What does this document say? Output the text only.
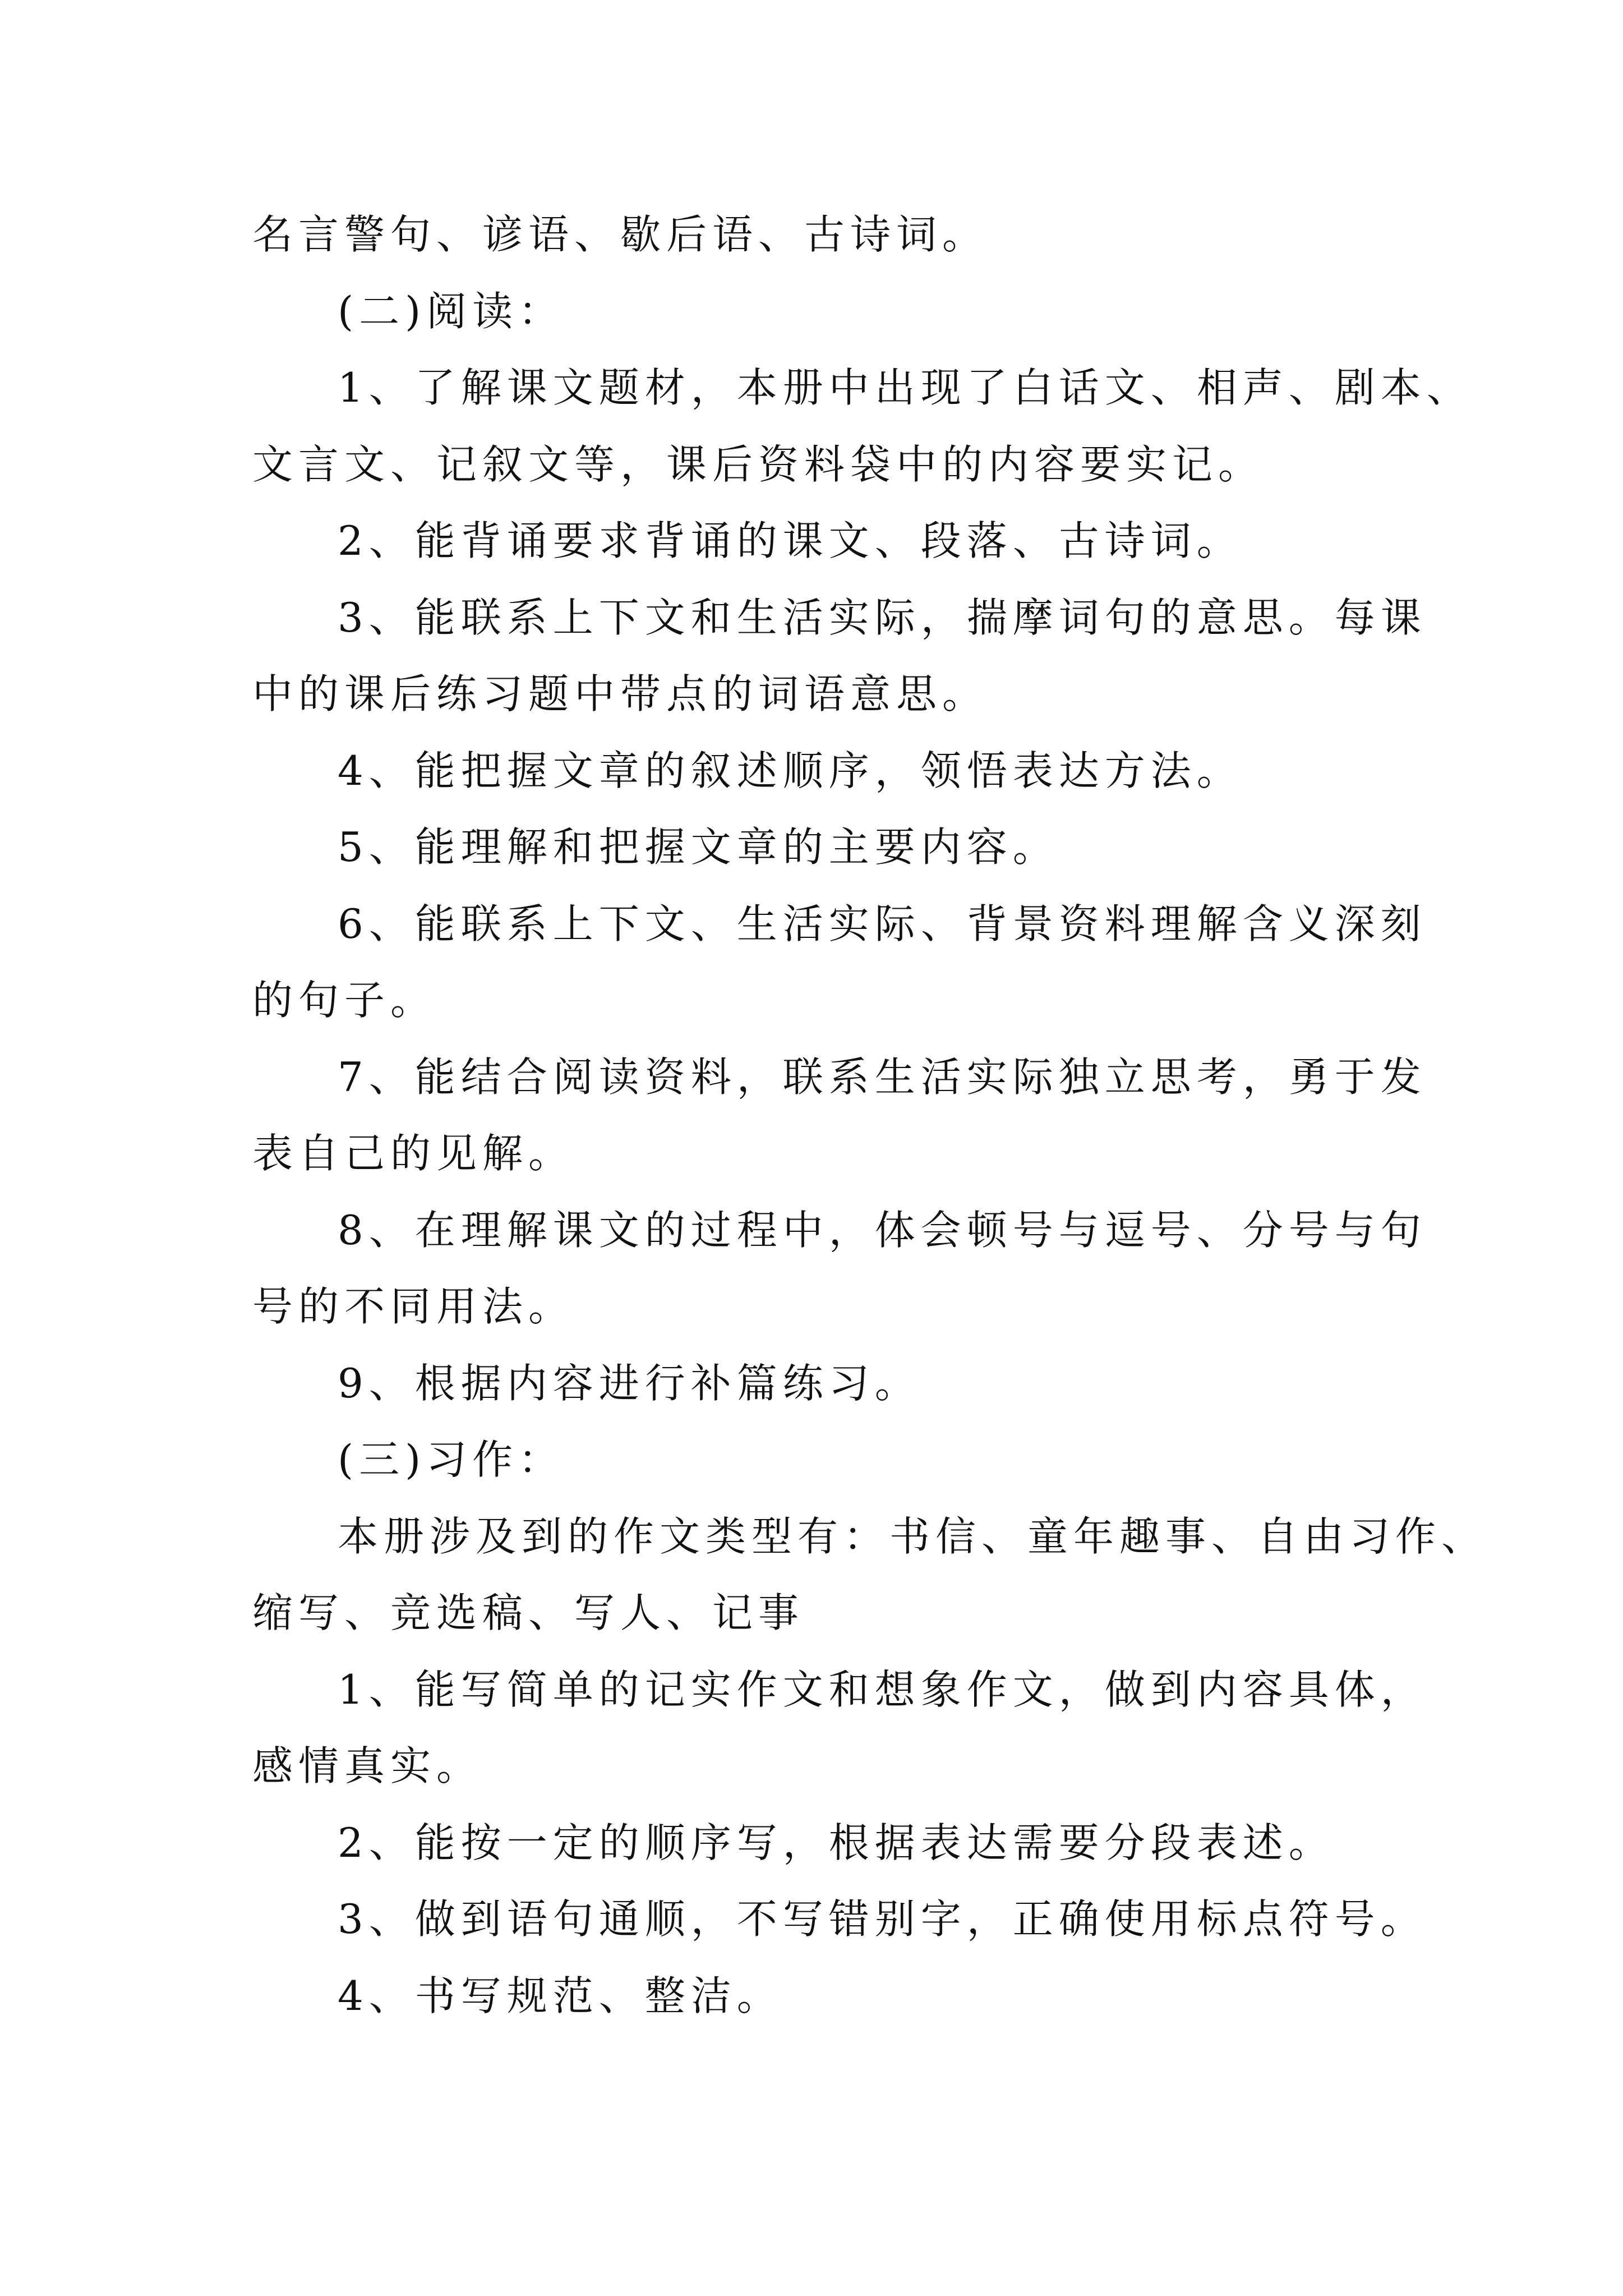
名言警句、谚语、歇后语、古诗词。

(二)阅读：

1、了解课文题材，本册中出现了白话文、相声、剧本、

文言文、记叙文等，课后资料袋中的内容要实记。

2、能背诵要求背诵的课文、段落、古诗词。

3、能联系上下文和生活实际，揣摩词句的意思。每课

中的课后练习题中带点的词语意思。

4、能把握文章的叙述顺序，领悟表达方法。

5、能理解和把握文章的主要内容。

6、能联系上下文、生活实际、背景资料理解含义深刻

的句子。

7、能结合阅读资料，联系生活实际独立思考，勇于发

表自己的见解。

8、在理解课文的过程中，体会顿号与逗号、分号与句

号的不同用法。

9、根据内容进行补篇练习。

(三)习作：

本册涉及到的作文类型有：书信、童年趣事、自由习作、

缩写、竞选稿、写人、记事

1、能写简单的记实作文和想象作文，做到内容具体，

感情真实。

2、能按一定的顺序写，根据表达需要分段表述。

3、做到语句通顺，不写错别字，正确使用标点符号。

4、书写规范、整洁。
